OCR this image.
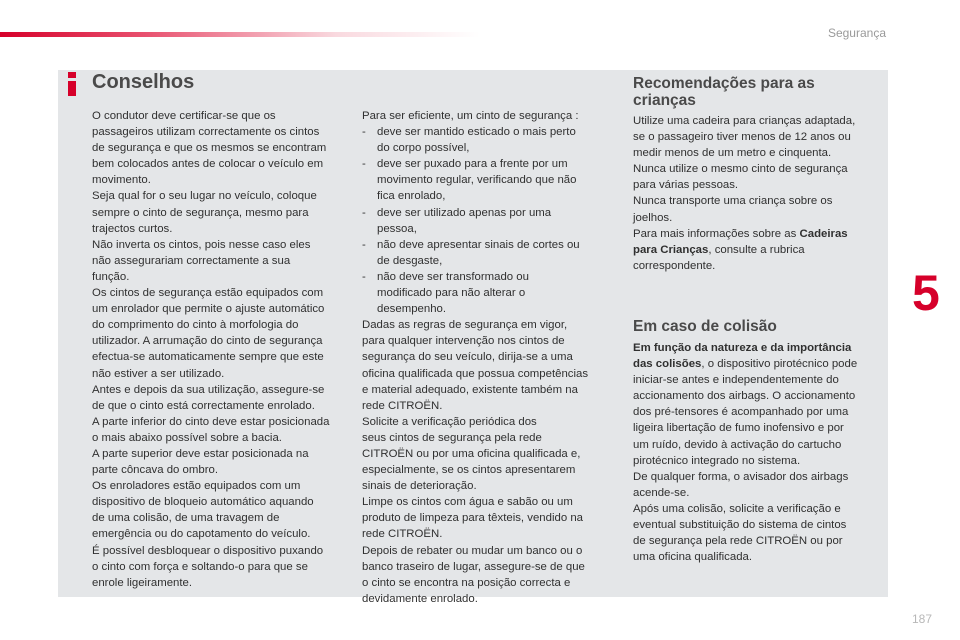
Segurança
5
187
Conselhos

O condutor deve certificar-se que os

passageiros utilizam correctamente os cintos

de segurança e que os mesmos se encontram

bem colocados antes de colocar o veículo em

movimento.

Seja qual for o seu lugar no veículo, coloque

sempre o cinto de segurança, mesmo para

trajectos curtos.

Não inverta os cintos, pois nesse caso eles

não assegurariam correctamente a sua

função.

Os cintos de segurança estão equipados com

um enrolador que permite o ajuste automático

do comprimento do cinto à morfologia do

utilizador. A arrumação do cinto de segurança

efectua-se automaticamente sempre que este

não estiver a ser utilizado.

Antes e depois da sua utilização, assegure-se

de que o cinto está correctamente enrolado.

A parte inferior do cinto deve estar posicionada

o mais abaixo possível sobre a bacia.

A parte superior deve estar posicionada na

parte côncava do ombro.

Os enroladores estão equipados com um

dispositivo de bloqueio automático aquando

de uma colisão, de uma travagem de

emergência ou do capotamento do veículo.

É possível desbloquear o dispositivo puxando

o cinto com força e soltando-o para que se

enrole ligeiramente.

Para ser eficiente, um cinto de segurança :

- deve ser mantido esticado o mais perto
do corpo possível,
- deve ser puxado para a frente por um
movimento regular, verificando que não
fica enrolado,
- deve ser utilizado apenas por uma
pessoa,
- não deve apresentar sinais de cortes ou
de desgaste,
- não deve ser transformado ou
modificado para não alterar o
desempenho.

Dadas as regras de segurança em vigor,

para qualquer intervenção nos cintos de

segurança do seu veículo, dirija-se a uma

oficina qualificada que possua competências

e material adequado, existente também na

rede CITROËN.

Solicite a verificação periódica dos

seus cintos de segurança pela rede

CITROËN ou por uma oficina qualificada e,

especialmente, se os cintos apresentarem

sinais de deterioração.

Limpe os cintos com água e sabão ou um

produto de limpeza para têxteis, vendido na

rede CITROËN.

Depois de rebater ou mudar um banco ou o

banco traseiro de lugar, assegure-se de que

o cinto se encontra na posição correcta e

devidamente enrolado.

Recomendações para as
crianças

Utilize uma cadeira para crianças adaptada,

se o passageiro tiver menos de 12 anos ou

medir menos de um metro e cinquenta.

Nunca utilize o mesmo cinto de segurança

para várias pessoas.

Nunca transporte uma criança sobre os

joelhos.

Para mais informações sobre as Cadeiras

para Crianças, consulte a rubrica

correspondente.

Em caso de colisão

Em função da natureza e da importância

das colisões, o dispositivo pirotécnico pode

iniciar-se antes e independentemente do

accionamento dos airbags. O accionamento

dos pré-tensores é acompanhado por uma

ligeira libertação de fumo inofensivo e por

um ruído, devido à activação do cartucho

pirotécnico integrado no sistema.

De qualquer forma, o avisador dos airbags

acende-se.

Após uma colisão, solicite a verificação e

eventual substituição do sistema de cintos

de segurança pela rede CITROËN ou por

uma oficina qualificada.
